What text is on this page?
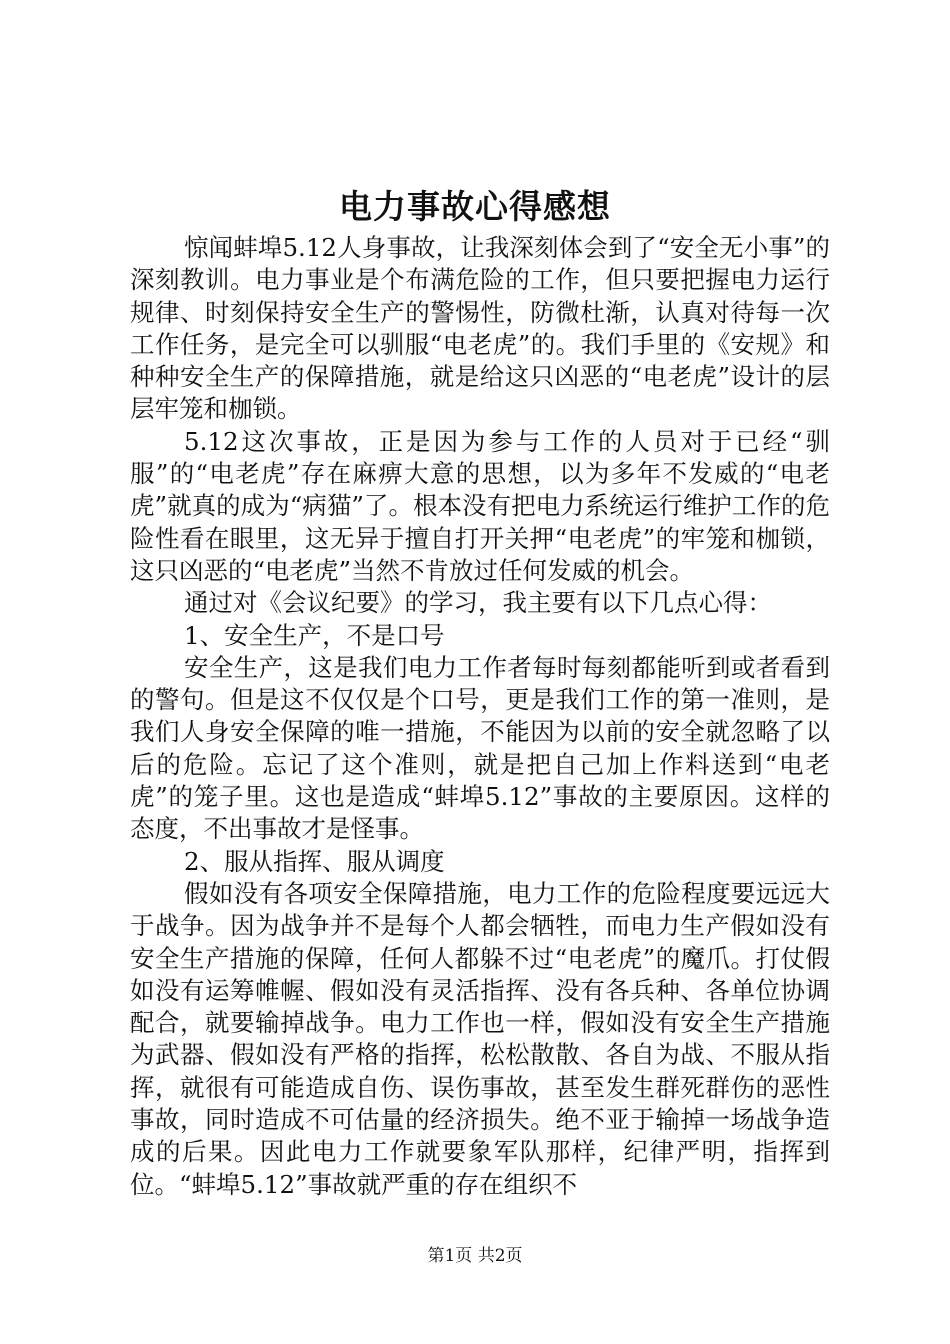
电力事故心得感想

惊闻蚌埠5.12人身事故，让我深刻体会到了“安全无小事”的深刻教训。电力事业是个布满危险的工作，但只要把握电力运行规律、时刻保持安全生产的警惕性，防微杜渐，认真对待每一次工作任务，是完全可以驯服“电老虎”的。我们手里的《安规》和种种安全生产的保障措施，就是给这只凶恶的“电老虎”设计的层层牢笼和枷锁。

5.12这次事故，正是因为参与工作的人员对于已经“驯服”的“电老虎”存在麻痹大意的思想，以为多年不发威的“电老虎”就真的成为“病猫”了。根本没有把电力系统运行维护工作的危险性看在眼里，这无异于擅自打开关押“电老虎”的牢笼和枷锁，这只凶恶的“电老虎”当然不肯放过任何发威的机会。

通过对《会议纪要》的学习，我主要有以下几点心得：

1、安全生产，不是口号

安全生产，这是我们电力工作者每时每刻都能听到或者看到的警句。但是这不仅仅是个口号，更是我们工作的第一准则，是我们人身安全保障的唯一措施，不能因为以前的安全就忽略了以后的危险。忘记了这个准则，就是把自己加上作料送到“电老虎”的笼子里。这也是造成“蚌埠5.12”事故的主要原因。这样的态度，不出事故才是怪事。

2、服从指挥、服从调度

假如没有各项安全保障措施，电力工作的危险程度要远远大于战争。因为战争并不是每个人都会牺牲，而电力生产假如没有安全生产措施的保障，任何人都躲不过“电老虎”的魔爪。打仗假如没有运筹帷幄、假如没有灵活指挥、没有各兵种、各单位协调配合，就要输掉战争。电力工作也一样，假如没有安全生产措施为武器、假如没有严格的指挥，松松散散、各自为战、不服从指挥，就很有可能造成自伤、误伤事故，甚至发生群死群伤的恶性事故，同时造成不可估量的经济损失。绝不亚于输掉一场战争造成的后果。因此电力工作就要象军队那样，纪律严明，指挥到位。“蚌埠5.12”事故就严重的存在组织不

第1页 共2页
